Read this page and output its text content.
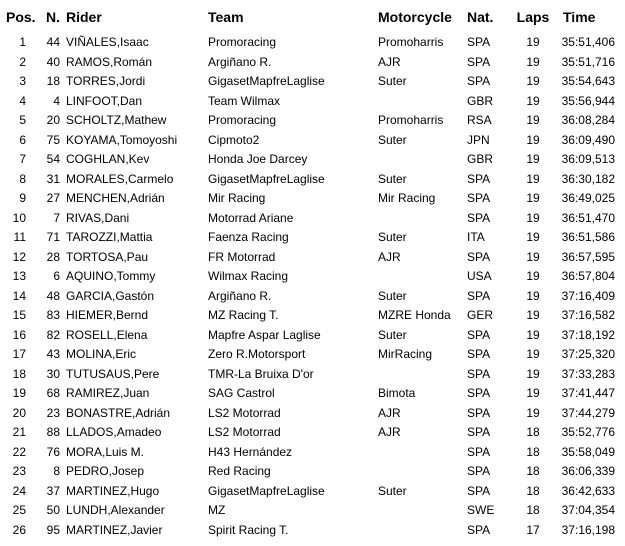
Pos.	N.	Rider	Team	Motorcycle	Nat.	Laps	Time
1	44	VIÑALES,Isaac	Promoracing	Promoharris	SPA	19	35:51,406
2	40	RAMOS,Román	Argiñano R.	AJR	SPA	19	35:51,716
3	18	TORRES,Jordi	GigasetMapfreLaglise	Suter	SPA	19	35:54,643
4	4	LINFOOT,Dan	Team Wilmax		GBR	19	35:56,944
5	20	SCHOLTZ,Mathew	Promoracing	Promoharris	RSA	19	36:08,284
6	75	KOYAMA,Tomoyoshi	Cipmoto2	Suter	JPN	19	36:09,490
7	54	COGHLAN,Kev	Honda Joe Darcey		GBR	19	36:09,513
8	31	MORALES,Carmelo	GigasetMapfreLaglise	Suter	SPA	19	36:30,182
9	27	MENCHEN,Adrián	Mir Racing	Mir Racing	SPA	19	36:49,025
10	7	RIVAS,Dani	Motorrad Ariane		SPA	19	36:51,470
11	71	TAROZZI,Mattia	Faenza Racing	Suter	ITA	19	36:51,586
12	28	TORTOSA,Pau	FR Motorrad	AJR	SPA	19	36:57,595
13	6	AQUINO,Tommy	Wilmax Racing		USA	19	36:57,804
14	48	GARCIA,Gastón	Argiñano R.	Suter	SPA	19	37:16,409
15	83	HIEMER,Bernd	MZ Racing T.	MZRE Honda	GER	19	37:16,582
16	82	ROSELL,Elena	Mapfre Aspar Laglise	Suter	SPA	19	37:18,192
17	43	MOLINA,Eric	Zero R.Motorsport	MirRacing	SPA	19	37:25,320
18	30	TUTUSAUS,Pere	TMR-La Bruixa D'or		SPA	19	37:33,283
19	68	RAMIREZ,Juan	SAG Castrol	Bimota	SPA	19	37:41,447
20	23	BONASTRE,Adrián	LS2 Motorrad	AJR	SPA	19	37:44,279
21	88	LLADOS,Amadeo	LS2 Motorrad	AJR	SPA	18	35:52,776
22	76	MORA,Luis M.	H43 Hernández		SPA	18	35:58,049
23	8	PEDRO,Josep	Red Racing		SPA	18	36:06,339
24	37	MARTINEZ,Hugo	GigasetMapfreLaglise	Suter	SPA	18	36:42,633
25	50	LUNDH,Alexander	MZ		SWE	18	37:04,354
26	95	MARTINEZ,Javier	Spirit Racing T.		SPA	17	37:16,198
